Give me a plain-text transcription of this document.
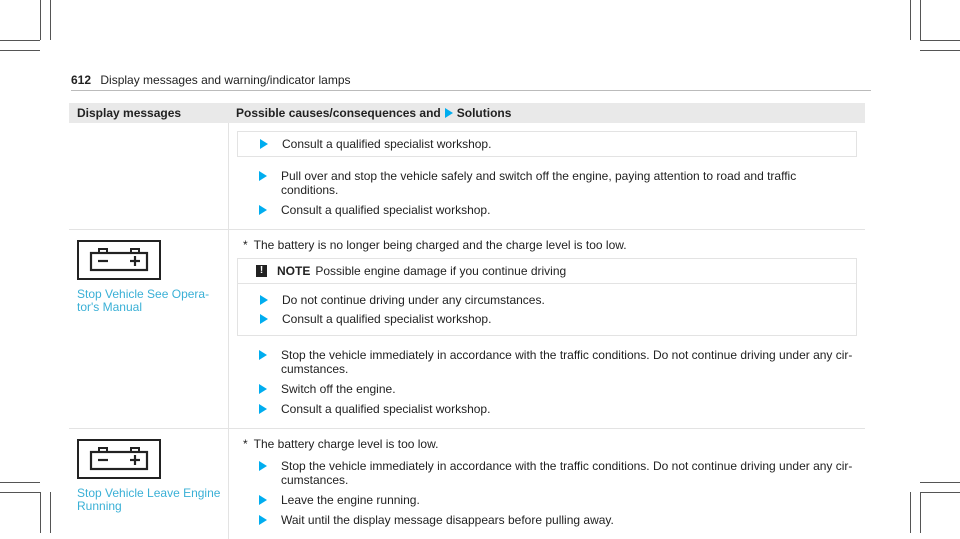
612 Display messages and warning/indicator lamps
Display messages	Possible causes/consequences and Solutions
Consult a qualified specialist workshop.
Pull over and stop the vehicle safely and switch off the engine, paying attention to road and traffic conditions.
Consult a qualified specialist workshop.
Stop Vehicle See Opera-
tor's Manual
* The battery is no longer being charged and the charge level is too low.
!	NOTE Possible engine damage if you continue driving
Do not continue driving under any circumstances.
Consult a qualified specialist workshop.
Stop the vehicle immediately in accordance with the traffic conditions. Do not continue driving under any cir-cumstances.
Switch off the engine.
Consult a qualified specialist workshop.
Stop Vehicle Leave Engine
Running
* The battery charge level is too low.
Stop the vehicle immediately in accordance with the traffic conditions. Do not continue driving under any cir-cumstances.
Leave the engine running.
Wait until the display message disappears before pulling away.
